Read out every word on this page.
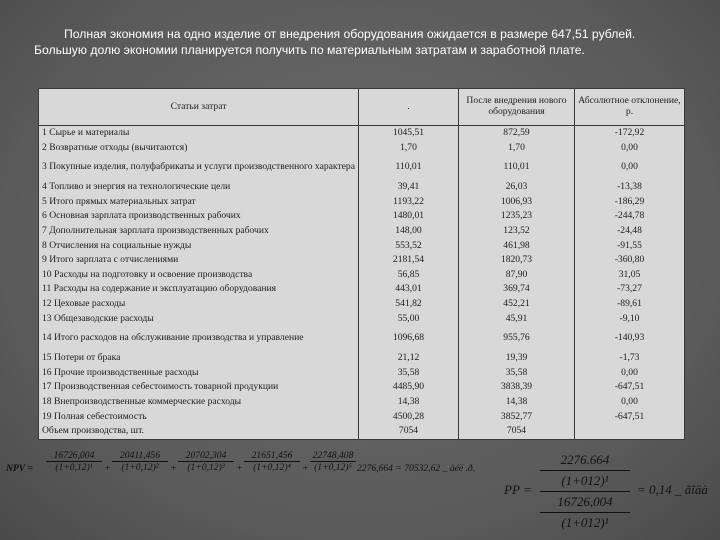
Полная экономия на одно изделие от внедрения оборудования ожидается в размере 647,51 рублей. Большую долю экономии планируется получить по материальным затратам и заработной плате.

Статьи затрат	.	После внедрения нового оборудования	Абсолютное отклонение, р.
1 Сырье и материалы	1045,51	872,59	-172,92
2 Возвратные отходы (вычитаются)	1,70	1,70	0,00
3 Покупные изделия, полуфабрикаты и услуги производственного характера	110,01	110,01	0,00
4 Топливо и энергия на технологические цели	39,41	26,03	-13,38
5 Итого прямых материальных затрат	1193,22	1006,93	-186,29
6 Основная зарплата производственных рабочих	1480,01	1235,23	-244,78
7 Дополнительная зарплата производственных рабочих	148,00	123,52	-24,48
8 Отчисления на социальные нужды	553,52	461,98	-91,55
9 Итого зарплата с отчислениями	2181,54	1820,73	-360,80
10 Расходы на подготовку и освоение производства	56,85	87,90	31,05
11 Расходы на содержание и эксплуатацию оборудования	443,01	369,74	-73,27
12 Цеховые расходы	541,82	452,21	-89,61
13 Общезаводские расходы	55,00	45,91	-9,10
14 Итого расходов на обслуживание производства и управление	1096,68	955,76	-140,93
15 Потери от брака	21,12	19,39	-1,73
16 Прочие производственные расходы	35,58	35,58	0,00
17 Производственная себестоимость товарной продукции	4485,90	3838,39	-647,51
18 Внепроизводственные коммерческие расходы	14,38	14,38	0,00
19 Полная себестоимость	4500,28	3852,77	-647,51
Объем производства, шт.	7054	7054	
NPV = $\frac{16726,004}{\text{(1+0,12)¹}} + \frac{20411,456}{\text{(1+0,12)²}} + \frac{20702,304}{\text{(1+0,12)³}} + \frac{21651,456}{\text{(1+0,12)⁴}} + \frac{22748,408}{\text{(1+0,12)⁵}} 2276,664 = 70532,62$ _ äéë .ð.
PP =
2276.664
(1+012)¹
16726,004
(1+012)¹
= 0,14 _ ãîäà
